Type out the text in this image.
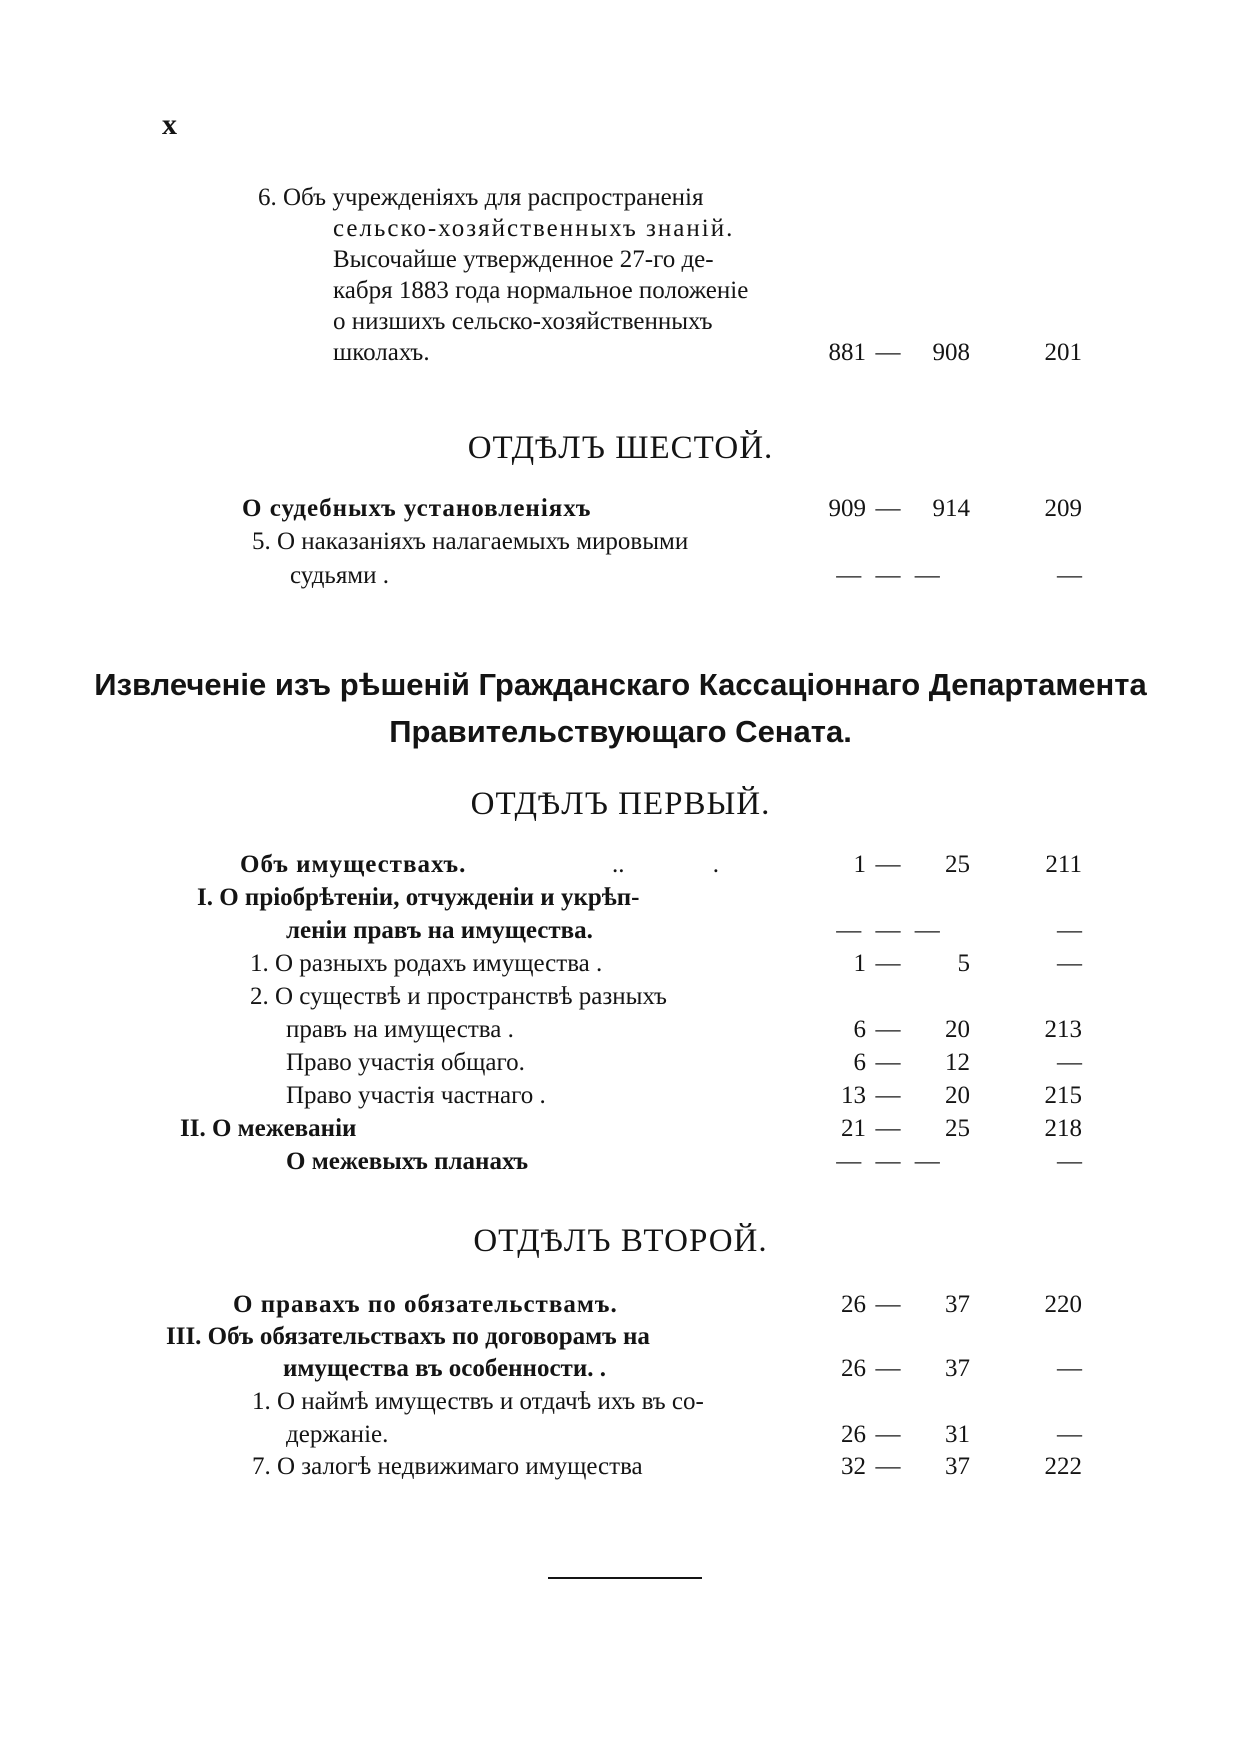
x
6. Объ учрежденіяхъ для распространенія
сельско-хозяйственныхъ знаній.
Высочайше утвержденное 27-го де-
кабря 1883 года нормальное положеніе
о низшихъ сельско-хозяйственныхъ
школахъ.	881 —	908	201
ОТДѢЛЪ ШЕСТОЙ.
О судебныхъ установленіяхъ	909 —	914	209
5. О наказаніяхъ налагаемыхъ мировыми
судьями .	— — —	—
Извлеченіе изъ рѣшеній Гражданскаго Кассаціоннаго Департамента
Правительствующаго Сената.
ОТДѢЛЪ ПЕРВЫЙ.
Объ имуществахъ.	.. .	1 —	25	211
I. О пріобрѣтеніи, отчужденіи и укрѣп-
леніи правъ на имущества.	— — —	—
1. О разныхъ родахъ имущества .	1 —	5	—
2. О существѣ и пространствѣ разныхъ
правъ на имущества .	6 —	20	213
Право участія общаго.	6 —	12	—
Право участія частнаго .	13 —	20	215
II. О межеваніи	21 —	25	218
О межевыхъ планахъ	— — —	—
ОТДѢЛЪ ВТОРОЙ.
О правахъ по обязательствамъ.	26 —	37	220
III. Объ обязательствахъ по договорамъ на
имущества въ особенности. .	26 —	37	—
1. О наймѣ имуществъ и отдачѣ ихъ въ со-
держаніе.	26 —	31	—
7. О залогѣ недвижимаго имущества	32 —	37	222
